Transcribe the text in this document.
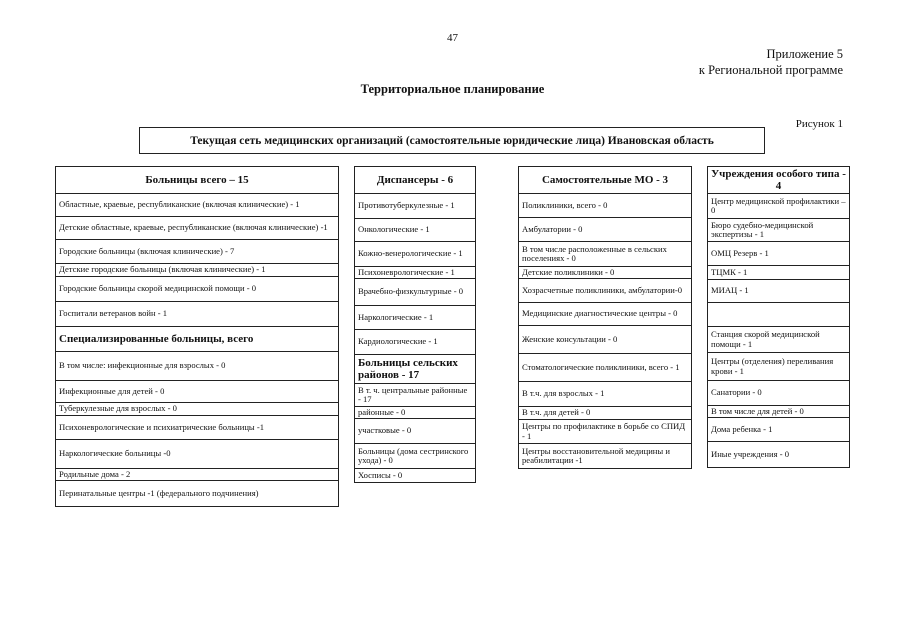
47
Приложение 5
к Региональной программе
Территориальное планирование
Рисунок 1
Текущая сеть медицинских организаций (самостоятельные юридические лица) Ивановская область
Больницы всего – 15
Областные, краевые, республиканские (включая клинические) - 1
Детские областные, краевые, республиканские (включая клинические) -1
Городские больницы (включая клинические) - 7
Детские городские больницы (включая клинические) - 1
Городские больницы скорой медицинской помощи - 0
Госпитали ветеранов войн - 1
Специализированные больницы, всего
В том числе: инфекционные для взрослых - 0
Инфекционные для детей - 0
Туберкулезные для взрослых - 0
Психоневрологические и психиатрические больницы -1
Наркологические больницы -0
Родильные дома - 2
Перинатальные центры -1 (федерального подчинения)
Диспансеры - 6
Противотуберкулезные - 1
Онкологические - 1
Кожно-венерологические - 1
Психоневрологические - 1
Врачебно-физкультурные - 0
Наркологические - 1
Кардиологические - 1
Больницы сельских районов - 17
В т. ч. центральные районные - 17
районные - 0
участковые - 0
Больницы (дома сестринского ухода) - 0
Хосписы - 0
Самостоятельные МО - 3
Поликлиники, всего - 0
Амбулатории - 0
В том числе расположенные в сельских поселениях - 0
Детские поликлиники - 0
Хозрасчетные поликлиники, амбулатории-0
Медицинские диагностические центры - 0
Женские консультации - 0
Стоматологические поликлиники, всего - 1
В т.ч. для взрослых - 1
В т.ч. для детей - 0
Центры по профилактике в борьбе со СПИД - 1
Центры восстановительной медицины и реабилитации -1
Учреждения особого типа - 4
Центр медицинской профилактики – 0
Бюро судебно-медицинской экспертизы - 1
ОМЦ Резерв - 1
ТЦМК - 1
МИАЦ - 1
Станция скорой медицинской помощи - 1
Центры (отделения) переливания крови - 1
Санатории - 0
В том числе для детей - 0
Дома ребенка - 1
Иные учреждения - 0
